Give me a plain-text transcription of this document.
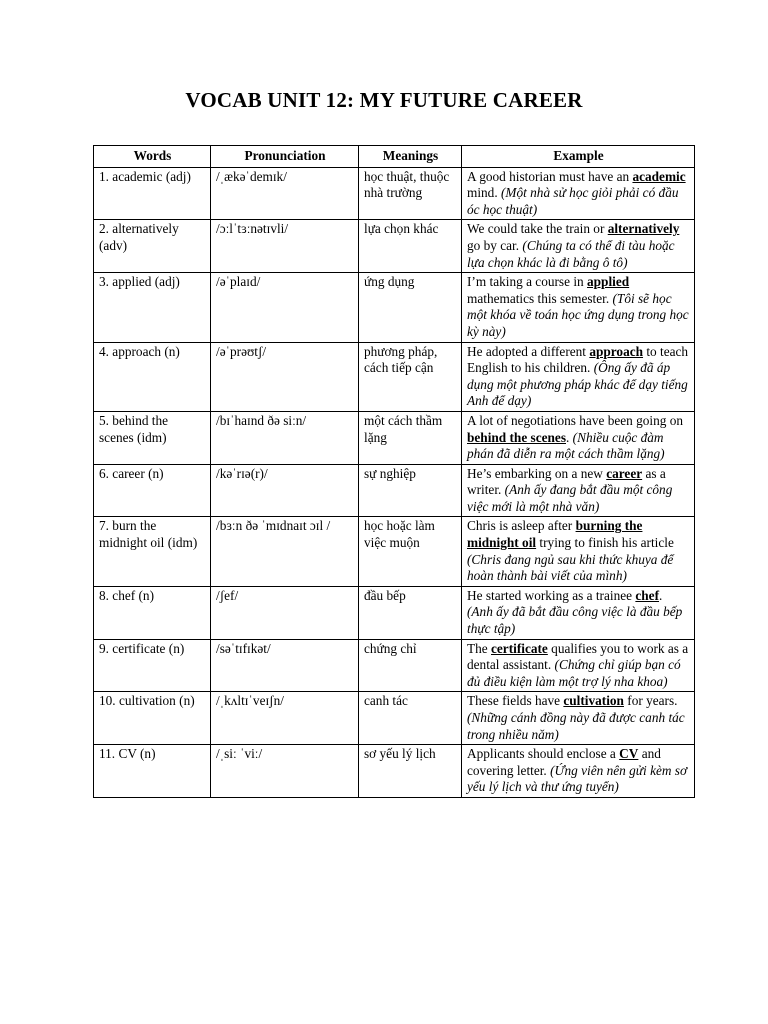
VOCAB UNIT 12: MY FUTURE CAREER
Words	Pronunciation	Meanings	Example
1. academic (adj)	/ˌækəˈdemɪk/	học thuật, thuộc nhà trường	A good historian must have an academic mind. (Một nhà sử học giỏi phải có đầu óc học thuật)
2. alternatively (adv)	/ɔːlˈtɜːnətɪvli/	lựa chọn khác	We could take the train or alternatively go by car. (Chúng ta có thể đi tàu hoặc lựa chọn khác là đi bằng ô tô)
3. applied (adj)	/əˈplaɪd/	ứng dụng	I’m taking a course in applied mathematics this semester. (Tôi sẽ học một khóa về toán học ứng dụng trong học kỳ này)
4. approach (n)	/əˈprəʊtʃ/	phương pháp, cách tiếp cận	He adopted a different approach to teach English to his children. (Ông ấy đã áp dụng một phương pháp khác để dạy tiếng Anh để dạy)
5. behind the scenes (idm)	/bɪˈhaɪnd ðə siːn/	một cách thầm lặng	A lot of negotiations have been going on behind the scenes. (Nhiều cuộc đàm phán đã diễn ra một cách thầm lặng)
6. career (n)	/kəˈrɪə(r)/	sự nghiệp	He’s embarking on a new career as a writer. (Anh ấy đang bắt đầu một công việc mới là một nhà văn)
7. burn the midnight oil (idm)	/bɜːn ðə ˈmɪdnaɪt ɔɪl /	học hoặc làm việc muộn	Chris is asleep after burning the midnight oil trying to finish his article (Chris đang ngủ sau khi thức khuya để hoàn thành bài viết của mình)
8. chef (n)	/ʃef/	đầu bếp	He started working as a trainee chef. (Anh ấy đã bắt đầu công việc là đầu bếp thực tập)
9. certificate (n)	/səˈtɪfɪkət/	chứng chỉ	The certificate qualifies you to work as a dental assistant. (Chứng chỉ giúp bạn có đủ điều kiện làm một trợ lý nha khoa)
10. cultivation (n)	/ˌkʌltɪˈveɪʃn/	canh tác	These fields have cultivation for years. (Những cánh đồng này đã được canh tác trong nhiều năm)
11. CV (n)	/ˌsiː ˈviː/	sơ yếu lý lịch	Applicants should enclose a CV and covering letter. (Ứng viên nên gửi kèm sơ yếu lý lịch và thư ứng tuyển)
